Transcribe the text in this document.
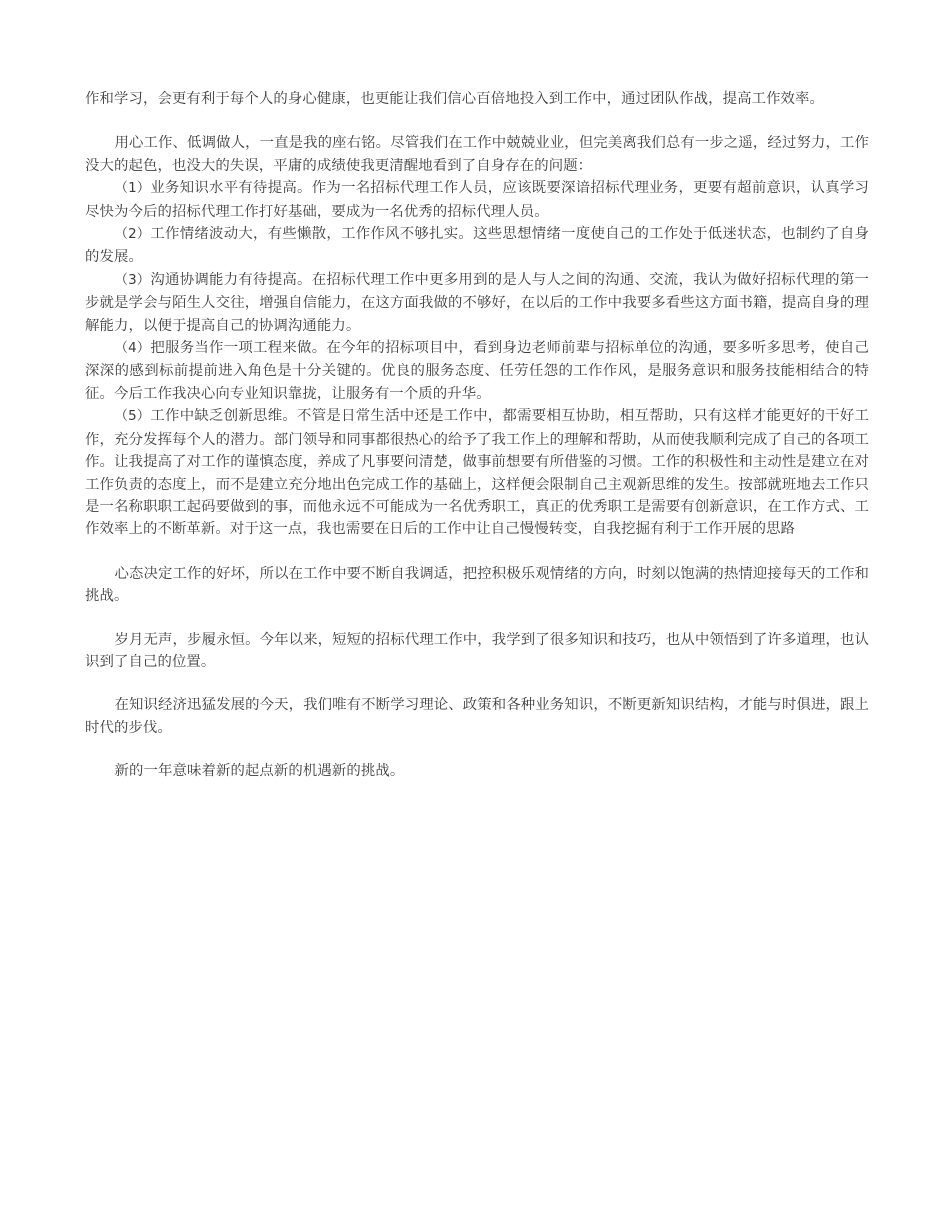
作和学习，会更有利于每个人的身心健康，也更能让我们信心百倍地投入到工作中，通过团队作战，提高工作效率。

用心工作、低调做人，一直是我的座右铭。尽管我们在工作中兢兢业业，但完美离我们总有一步之遥，经过努力，工作没大的起色，也没大的失误，平庸的成绩使我更清醒地看到了自身存在的问题：

（1）业务知识水平有待提高。作为一名招标代理工作人员，应该既要深谙招标代理业务，更要有超前意识，认真学习尽快为今后的招标代理工作打好基础，要成为一名优秀的招标代理人员。

（2）工作情绪波动大，有些懒散，工作作风不够扎实。这些思想情绪一度使自己的工作处于低迷状态，也制约了自身的发展。

（3）沟通协调能力有待提高。在招标代理工作中更多用到的是人与人之间的沟通、交流，我认为做好招标代理的第一步就是学会与陌生人交往，增强自信能力，在这方面我做的不够好，在以后的工作中我要多看些这方面书籍，提高自身的理解能力，以便于提高自己的协调沟通能力。

（4）把服务当作一项工程来做。在今年的招标项目中，看到身边老师前辈与招标单位的沟通，要多听多思考，使自己深深的感到标前提前进入角色是十分关键的。优良的服务态度、任劳任怨的工作作风，是服务意识和服务技能相结合的特征。今后工作我决心向专业知识靠拢，让服务有一个质的升华。

（5）工作中缺乏创新思维。不管是日常生活中还是工作中，都需要相互协助，相互帮助，只有这样才能更好的干好工作，充分发挥每个人的潜力。部门领导和同事都很热心的给予了我工作上的理解和帮助，从而使我顺利完成了自己的各项工作。让我提高了对工作的谨慎态度，养成了凡事要问清楚，做事前想要有所借鉴的习惯。工作的积极性和主动性是建立在对工作负责的态度上，而不是建立充分地出色完成工作的基础上，这样便会限制自己主观新思维的发生。按部就班地去工作只是一名称职职工起码要做到的事，而他永远不可能成为一名优秀职工，真正的优秀职工是需要有创新意识，在工作方式、工作效率上的不断革新。对于这一点，我也需要在日后的工作中让自己慢慢转变，自我挖掘有利于工作开展的思路

心态决定工作的好坏，所以在工作中要不断自我调适，把控积极乐观情绪的方向，时刻以饱满的热情迎接每天的工作和挑战。

岁月无声，步履永恒。今年以来，短短的招标代理工作中，我学到了很多知识和技巧，也从中领悟到了许多道理，也认识到了自己的位置。

在知识经济迅猛发展的今天，我们唯有不断学习理论、政策和各种业务知识，不断更新知识结构，才能与时俱进，跟上时代的步伐。

新的一年意味着新的起点新的机遇新的挑战。
